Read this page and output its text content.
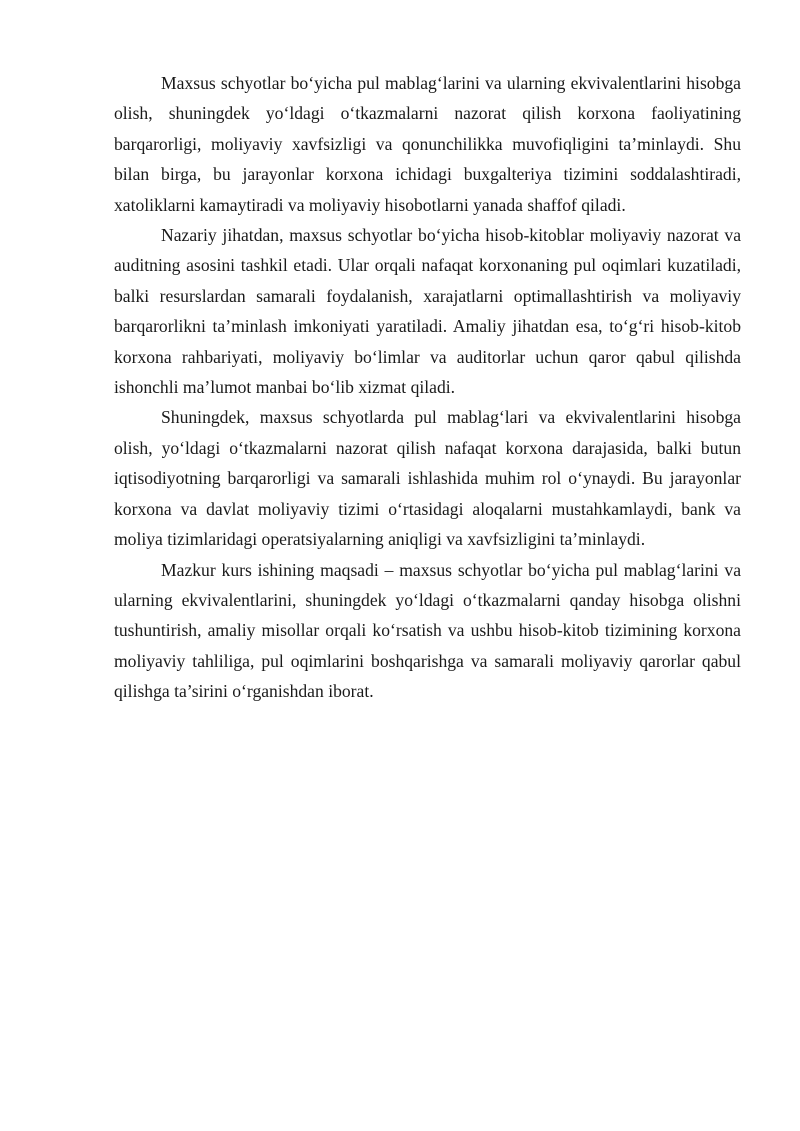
Maxsus schyotlar bo‘yicha pul mablag‘larini va ularning ekvivalentlarini hisobga olish, shuningdek yo‘ldagi o‘tkazmalarni nazorat qilish korxona faoliyatining barqarorligi, moliyaviy xavfsizligi va qonunchilikka muvofiqligini ta’minlaydi. Shu bilan birga, bu jarayonlar korxona ichidagi buxgalteriya tizimini soddalashtiradi, xatoliklarni kamaytiradi va moliyaviy hisobotlarni yanada shaffof qiladi.

Nazariy jihatdan, maxsus schyotlar bo‘yicha hisob-kitoblar moliyaviy nazorat va auditning asosini tashkil etadi. Ular orqali nafaqat korxonaning pul oqimlari kuzatiladi, balki resurslardan samarali foydalanish, xarajatlarni optimallashtirish va moliyaviy barqarorlikni ta’minlash imkoniyati yaratiladi. Amaliy jihatdan esa, to‘g‘ri hisob-kitob korxona rahbariyati, moliyaviy bo‘limlar va auditorlar uchun qaror qabul qilishda ishonchli ma’lumot manbai bo‘lib xizmat qiladi.

Shuningdek, maxsus schyotlarda pul mablag‘lari va ekvivalentlarini hisobga olish, yo‘ldagi o‘tkazmalarni nazorat qilish nafaqat korxona darajasida, balki butun iqtisodiyotning barqarorligi va samarali ishlashida muhim rol o‘ynaydi. Bu jarayonlar korxona va davlat moliyaviy tizimi o‘rtasidagi aloqalarni mustahkamlaydi, bank va moliya tizimlaridagi operatsiyalarning aniqligi va xavfsizligini ta’minlaydi.

Mazkur kurs ishining maqsadi – maxsus schyotlar bo‘yicha pul mablag‘larini va ularning ekvivalentlarini, shuningdek yo‘ldagi o‘tkazmalarni qanday hisobga olishni tushuntirish, amaliy misollar orqali ko‘rsatish va ushbu hisob-kitob tizimining korxona moliyaviy tahliliga, pul oqimlarini boshqarishga va samarali moliyaviy qarorlar qabul qilishga ta’sirini o‘rganishdan iborat.
